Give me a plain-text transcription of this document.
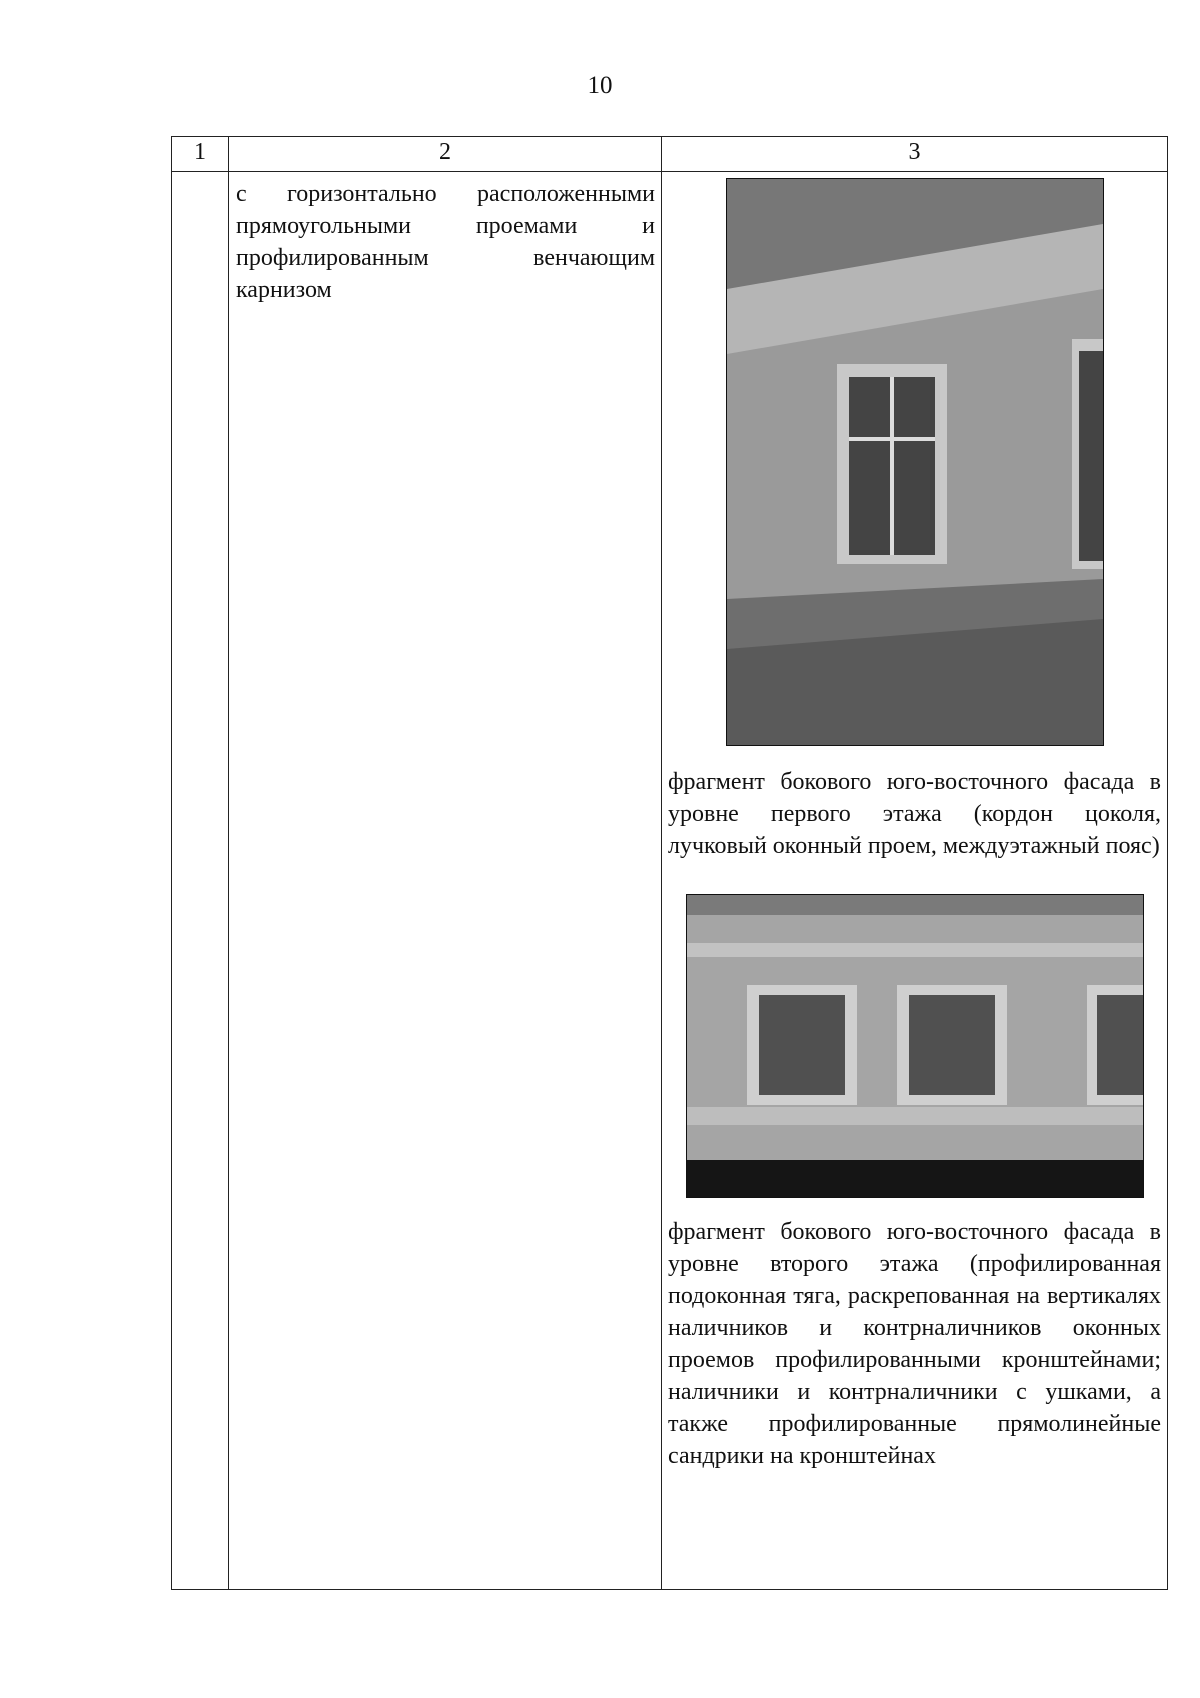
10
1	2	3

	с горизонтально расположенными прямоугольными проемами и профилированным венчающим карнизом	фрагмент бокового юго-восточного фасада в уровне первого этажа (кордон цоколя, лучковый оконный проем, междуэтажный пояс)
фрагмент бокового юго-восточного фасада в уровне второго этажа (профилированная подоконная тяга, раскрепованная на вертикалях наличников и контрналичников оконных проемов профилированными кронштейнами; наличники и контрналичники с ушками, а также профилированные прямолинейные сандрики на кронштейнах
